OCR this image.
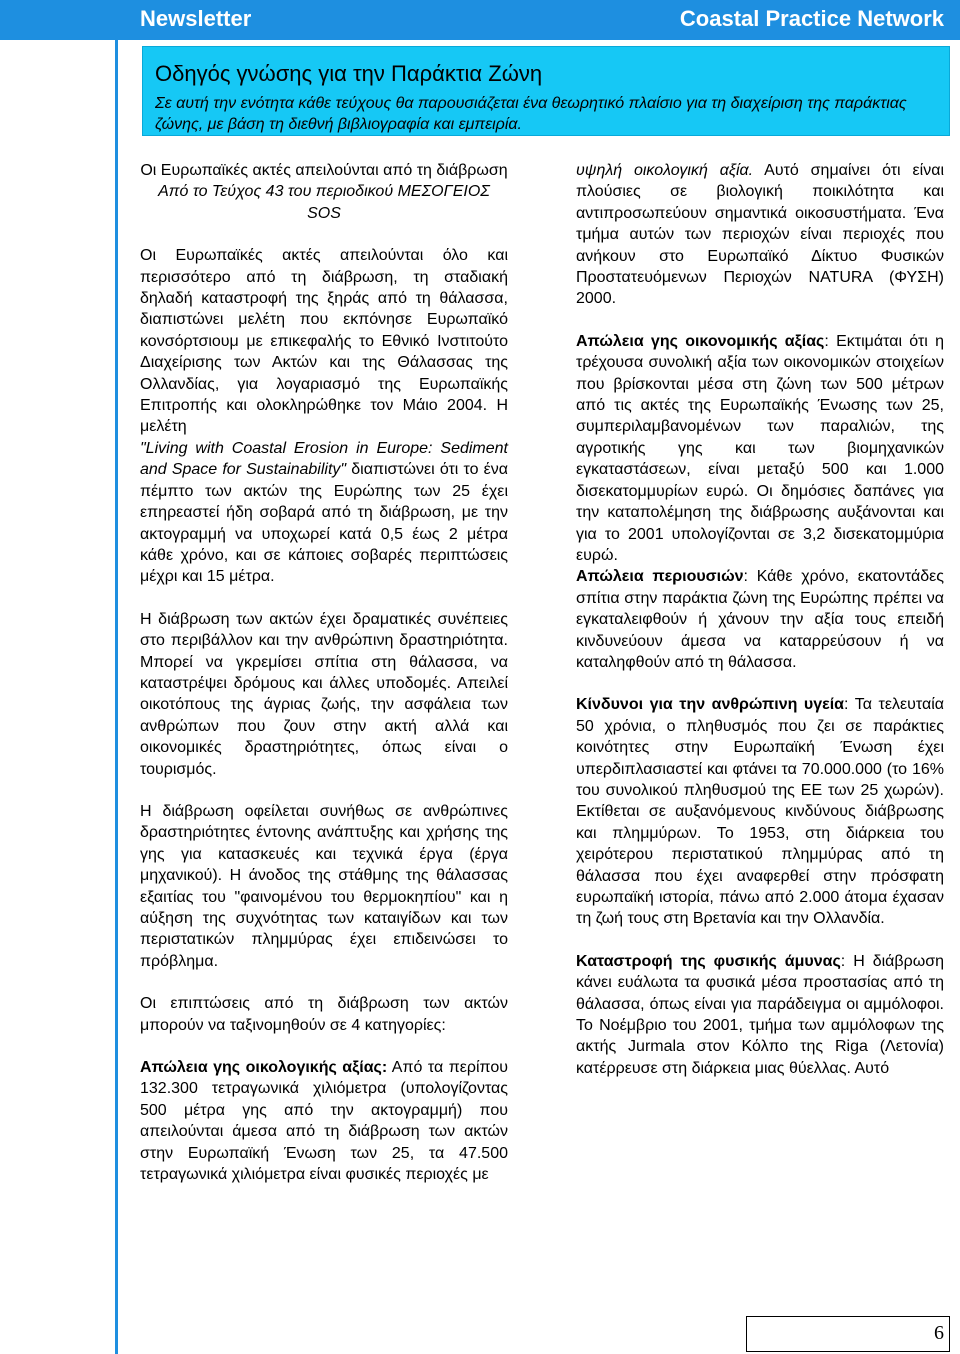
Newsletter	Coastal Practice Network
Οδηγός γνώσης για την Παράκτια Ζώνη
Σε αυτή την ενότητα κάθε τεύχους θα παρουσιάζεται ένα θεωρητικό πλαίσιο για τη διαχείριση της παράκτιας ζώνης, με βάση τη διεθνή βιβλιογραφία και εμπειρία.
Οι Ευρωπαϊκές ακτές απειλούνται από τη διάβρωση
Από το Τεύχος 43 του περιοδικού ΜΕΣΟΓΕΙΟΣ SOS

Οι Ευρωπαϊκές ακτές απειλούνται όλο και περισσότερο από τη διάβρωση, τη σταδιακή δηλαδή καταστροφή της ξηράς από τη θάλασσα, διαπιστώνει μελέτη που εκπόνησε Ευρωπαϊκό κονσόρτσιουμ με επικεφαλής το Εθνικό Ινστιτούτο Διαχείρισης των Ακτών και της Θάλασσας της Ολλανδίας, για λογαριασμό της Ευρωπαϊκής Επιτροπής και ολοκληρώθηκε τον Μάιο 2004. Η μελέτη
"Living with Coastal Erosion in Europe: Sediment and Space for Sustainability" διαπιστώνει ότι το ένα πέμπτο των ακτών της Ευρώπης των 25 έχει επηρεαστεί ήδη σοβαρά από τη διάβρωση, με την ακτογραμμή να υποχωρεί κατά 0,5 έως 2 μέτρα κάθε χρόνο, και σε κάποιες σοβαρές περιπτώσεις μέχρι και 15 μέτρα.

Η διάβρωση των ακτών έχει δραματικές συνέπειες στο περιβάλλον και την ανθρώπινη δραστηριότητα. Μπορεί να γκρεμίσει σπίτια στη θάλασσα, να καταστρέψει δρόμους και άλλες υποδομές. Απειλεί οικοτόπους της άγριας ζωής, την ασφάλεια των ανθρώπων που ζουν στην ακτή αλλά και οικονομικές δραστηριότητες, όπως είναι ο τουρισμός.

Η διάβρωση οφείλεται συνήθως σε ανθρώπινες δραστηριότητες έντονης ανάπτυξης και χρήσης της γης για κατασκευές και τεχνικά έργα (έργα μηχανικού). Η άνοδος της στάθμης της θάλασσας εξαιτίας του "φαινομένου του θερμοκηπίου" και η αύξηση της συχνότητας των καταιγίδων και των περιστατικών πλημμύρας έχει επιδεινώσει το πρόβλημα.

Οι επιπτώσεις από τη διάβρωση των ακτών μπορούν να ταξινομηθούν σε 4 κατηγορίες:

Απώλεια γης οικολογικής αξίας: Από τα περίπου 132.300 τετραγωνικά χιλιόμετρα (υπολογίζοντας 500 μέτρα γης από την ακτογραμμή) που απειλούνται άμεσα από τη διάβρωση των ακτών στην Ευρωπαϊκή Ένωση των 25, τα 47.500 τετραγωνικά χιλιόμετρα είναι φυσικές περιοχές με

υψηλή οικολογική αξία. Αυτό σημαίνει ότι είναι πλούσιες σε βιολογική ποικιλότητα και αντιπροσωπεύουν σημαντικά οικοσυστήματα. Ένα τμήμα αυτών των περιοχών είναι περιοχές που ανήκουν στο Ευρωπαϊκό Δίκτυο Φυσικών Προστατευόμενων Περιοχών NATURA (ΦΥΣΗ) 2000.

Απώλεια γης οικονομικής αξίας: Εκτιμάται ότι η τρέχουσα συνολική αξία των οικονομικών στοιχείων που βρίσκονται μέσα στη ζώνη των 500 μέτρων από τις ακτές της Ευρωπαϊκής Ένωσης των 25, συμπεριλαμβανομένων των παραλιών, της αγροτικής γης και των βιομηχανικών εγκαταστάσεων, είναι μεταξύ 500 και 1.000 δισεκατομμυρίων ευρώ. Οι δημόσιες δαπάνες για την καταπολέμηση της διάβρωσης αυξάνονται και για το 2001 υπολογίζονται σε 3,2 δισεκατομμύρια ευρώ.

Απώλεια περιουσιών: Κάθε χρόνο, εκατοντάδες σπίτια στην παράκτια ζώνη της Ευρώπης πρέπει να εγκαταλειφθούν ή χάνουν την αξία τους επειδή κινδυνεύουν άμεσα να καταρρεύσουν ή να καταληφθούν από τη θάλασσα.

Κίνδυνοι για την ανθρώπινη υγεία: Τα τελευταία 50 χρόνια, ο πληθυσμός που ζει σε παράκτιες κοινότητες στην Ευρωπαϊκή Ένωση έχει υπερδιπλασιαστεί και φτάνει τα 70.000.000 (το 16% του συνολικού πληθυσμού της ΕΕ των 25 χωρών). Εκτίθεται σε αυξανόμενους κινδύνους διάβρωσης και πλημμύρων. Το 1953, στη διάρκεια του χειρότερου περιστατικού πλημμύρας από τη θάλασσα που έχει αναφερθεί στην πρόσφατη ευρωπαϊκή ιστορία, πάνω από 2.000 άτομα έχασαν τη ζωή τους στη Βρετανία και την Ολλανδία.

Καταστροφή της φυσικής άμυνας: Η διάβρωση κάνει ευάλωτα τα φυσικά μέσα προστασίας από τη θάλασσα, όπως είναι για παράδειγμα οι αμμόλοφοι. Το Νοέμβριο του 2001, τμήμα των αμμόλοφων της ακτής Jurmala στον Κόλπο της Riga (Λετονία) κατέρρευσε στη διάρκεια μιας θύελλας. Αυτό

6
